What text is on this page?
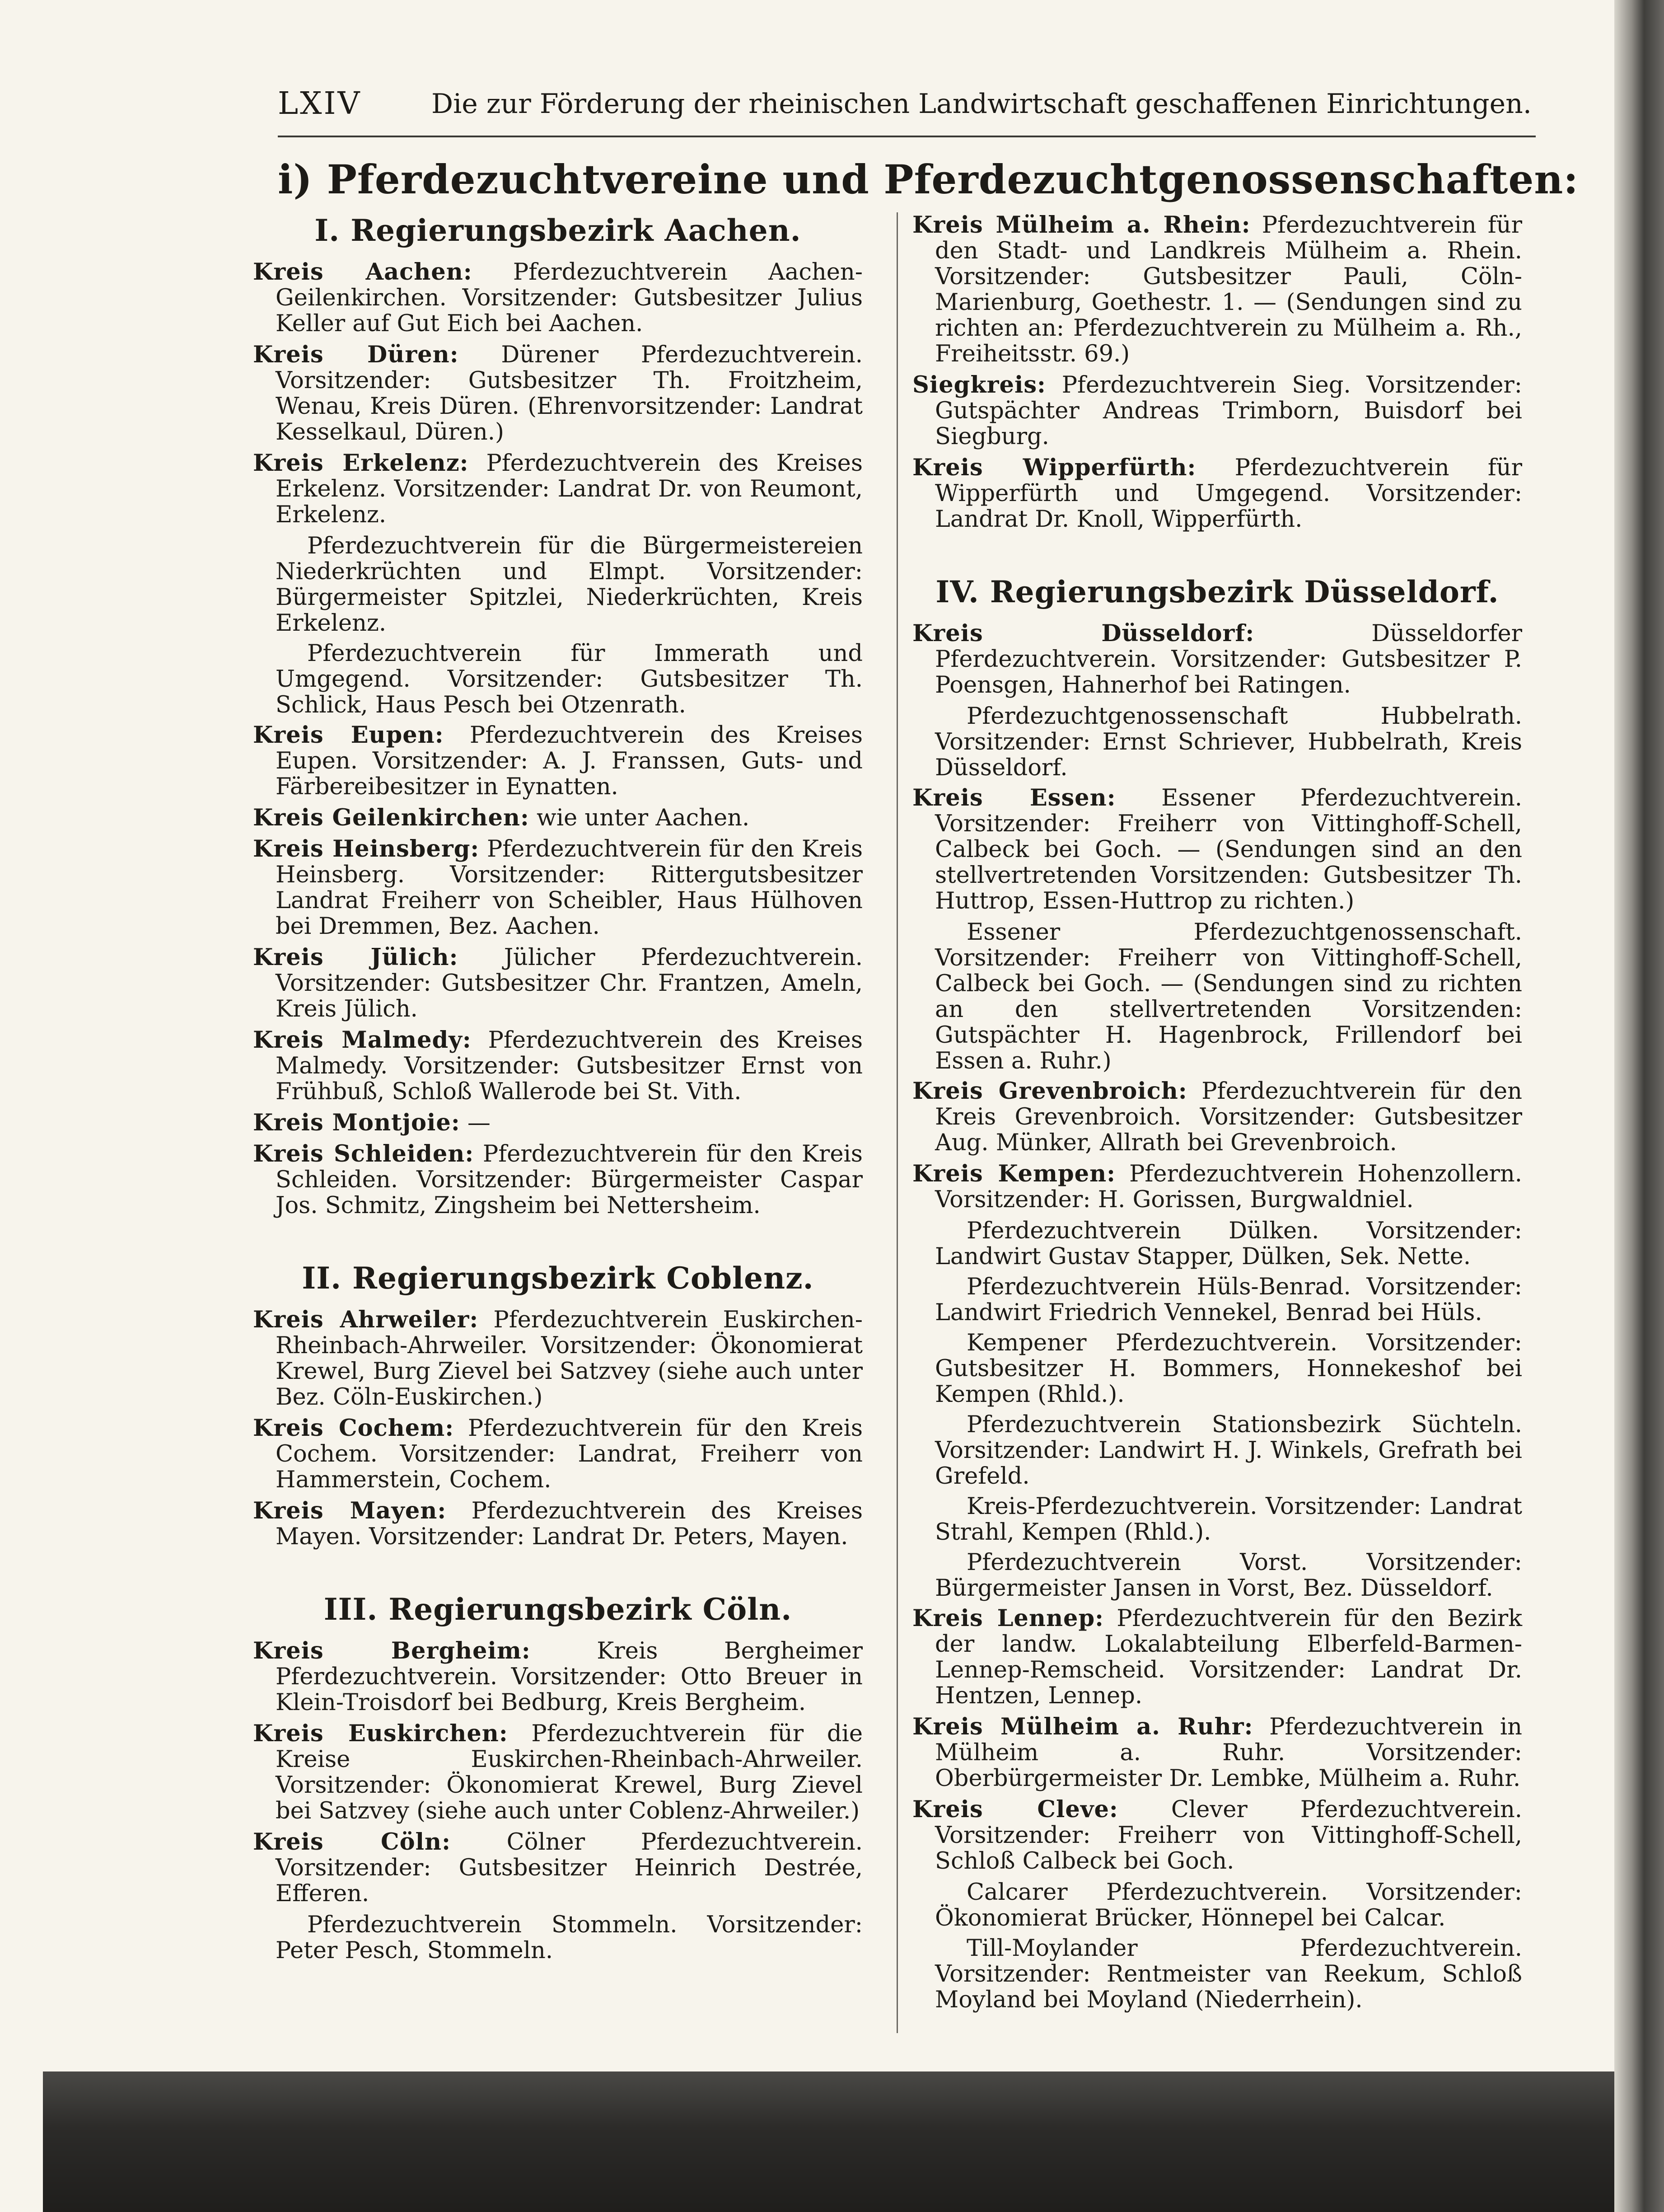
LXIV	Die zur Förderung der rheinischen Landwirtschaft geschaffenen Einrichtungen.
i) Pferdezuchtvereine und Pferdezuchtgenossenschaften:
I. Regierungsbezirk Aachen.
Kreis Aachen: Pferdezuchtverein Aachen-Geilenkirchen. Vorsitzender: Gutsbesitzer Julius Keller auf Gut Eich bei Aachen.
Kreis Düren: Dürener Pferdezuchtverein. Vorsitzender: Gutsbesitzer Th. Froitzheim, Wenau, Kreis Düren. (Ehrenvorsitzender: Landrat Kesselkaul, Düren.)
Kreis Erkelenz: Pferdezuchtverein des Kreises Erkelenz. Vorsitzender: Landrat Dr. von Reumont, Erkelenz.
Pferdezuchtverein für die Bürgermeistereien Niederkrüchten und Elmpt. Vorsitzender: Bürgermeister Spitzlei, Niederkrüchten, Kreis Erkelenz.
Pferdezuchtverein für Immerath und Umgegend. Vorsitzender: Gutsbesitzer Th. Schlick, Haus Pesch bei Otzenrath.
Kreis Eupen: Pferdezuchtverein des Kreises Eupen. Vorsitzender: A. J. Franssen, Guts- und Färbereibesitzer in Eynatten.
Kreis Geilenkirchen: wie unter Aachen.
Kreis Heinsberg: Pferdezuchtverein für den Kreis Heinsberg. Vorsitzender: Rittergutsbesitzer Landrat Freiherr von Scheibler, Haus Hülhoven bei Dremmen, Bez. Aachen.
Kreis Jülich: Jülicher Pferdezuchtverein. Vorsitzender: Gutsbesitzer Chr. Frantzen, Ameln, Kreis Jülich.
Kreis Malmedy: Pferdezuchtverein des Kreises Malmedy. Vorsitzender: Gutsbesitzer Ernst von Frühbuß, Schloß Wallerode bei St. Vith.
Kreis Montjoie: —
Kreis Schleiden: Pferdezuchtverein für den Kreis Schleiden. Vorsitzender: Bürgermeister Caspar Jos. Schmitz, Zingsheim bei Nettersheim.
II. Regierungsbezirk Coblenz.
Kreis Ahrweiler: Pferdezuchtverein Euskirchen-Rheinbach-Ahrweiler. Vorsitzender: Ökonomierat Krewel, Burg Zievel bei Satzvey (siehe auch unter Bez. Cöln-Euskirchen.)
Kreis Cochem: Pferdezuchtverein für den Kreis Cochem. Vorsitzender: Landrat, Freiherr von Hammerstein, Cochem.
Kreis Mayen: Pferdezuchtverein des Kreises Mayen. Vorsitzender: Landrat Dr. Peters, Mayen.
III. Regierungsbezirk Cöln.
Kreis Bergheim: Kreis Bergheimer Pferdezuchtverein. Vorsitzender: Otto Breuer in Klein-Troisdorf bei Bedburg, Kreis Bergheim.
Kreis Euskirchen: Pferdezuchtverein für die Kreise Euskirchen-Rheinbach-Ahrweiler. Vorsitzender: Ökonomierat Krewel, Burg Zievel bei Satzvey (siehe auch unter Coblenz-Ahrweiler.)
Kreis Cöln: Cölner Pferdezuchtverein. Vorsitzender: Gutsbesitzer Heinrich Destrée, Efferen.
Pferdezuchtverein Stommeln. Vorsitzender: Peter Pesch, Stommeln.
Kreis Mülheim a. Rhein: Pferdezuchtverein für den Stadt- und Landkreis Mülheim a. Rhein. Vorsitzender: Gutsbesitzer Pauli, Cöln-Marienburg, Goethestr. 1. — (Sendungen sind zu richten an: Pferdezuchtverein zu Mülheim a. Rh., Freiheitsstr. 69.)
Siegkreis: Pferdezuchtverein Sieg. Vorsitzender: Gutspächter Andreas Trimborn, Buisdorf bei Siegburg.
Kreis Wipperfürth: Pferdezuchtverein für Wipperfürth und Umgegend. Vorsitzender: Landrat Dr. Knoll, Wipperfürth.
IV. Regierungsbezirk Düsseldorf.
Kreis Düsseldorf: Düsseldorfer Pferdezuchtverein. Vorsitzender: Gutsbesitzer P. Poensgen, Hahnerhof bei Ratingen.
Pferdezuchtgenossenschaft Hubbelrath. Vorsitzender: Ernst Schriever, Hubbelrath, Kreis Düsseldorf.
Kreis Essen: Essener Pferdezuchtverein. Vorsitzender: Freiherr von Vittinghoff-Schell, Calbeck bei Goch. — (Sendungen sind an den stellvertretenden Vorsitzenden: Gutsbesitzer Th. Huttrop, Essen-Huttrop zu richten.)
Essener Pferdezuchtgenossenschaft. Vorsitzender: Freiherr von Vittinghoff-Schell, Calbeck bei Goch. — (Sendungen sind zu richten an den stellvertretenden Vorsitzenden: Gutspächter H. Hagenbrock, Frillendorf bei Essen a. Ruhr.)
Kreis Grevenbroich: Pferdezuchtverein für den Kreis Grevenbroich. Vorsitzender: Gutsbesitzer Aug. Münker, Allrath bei Grevenbroich.
Kreis Kempen: Pferdezuchtverein Hohenzollern. Vorsitzender: H. Gorissen, Burgwaldniel.
Pferdezuchtverein Dülken. Vorsitzender: Landwirt Gustav Stapper, Dülken, Sek. Nette.
Pferdezuchtverein Hüls-Benrad. Vorsitzender: Landwirt Friedrich Vennekel, Benrad bei Hüls.
Kempener Pferdezuchtverein. Vorsitzender: Gutsbesitzer H. Bommers, Honnekeshof bei Kempen (Rhld.).
Pferdezuchtverein Stationsbezirk Süchteln. Vorsitzender: Landwirt H. J. Winkels, Grefrath bei Grefeld.
Kreis-Pferdezuchtverein. Vorsitzender: Landrat Strahl, Kempen (Rhld.).
Pferdezuchtverein Vorst. Vorsitzender: Bürgermeister Jansen in Vorst, Bez. Düsseldorf.
Kreis Lennep: Pferdezuchtverein für den Bezirk der landw. Lokalabteilung Elberfeld-Barmen-Lennep-Remscheid. Vorsitzender: Landrat Dr. Hentzen, Lennep.
Kreis Mülheim a. Ruhr: Pferdezuchtverein in Mülheim a. Ruhr. Vorsitzender: Oberbürgermeister Dr. Lembke, Mülheim a. Ruhr.
Kreis Cleve: Clever Pferdezuchtverein. Vorsitzender: Freiherr von Vittinghoff-Schell, Schloß Calbeck bei Goch.
Calcarer Pferdezuchtverein. Vorsitzender: Ökonomierat Brücker, Hönnepel bei Calcar.
Till-Moylander Pferdezuchtverein. Vorsitzender: Rentmeister van Reekum, Schloß Moyland bei Moyland (Niederrhein).
